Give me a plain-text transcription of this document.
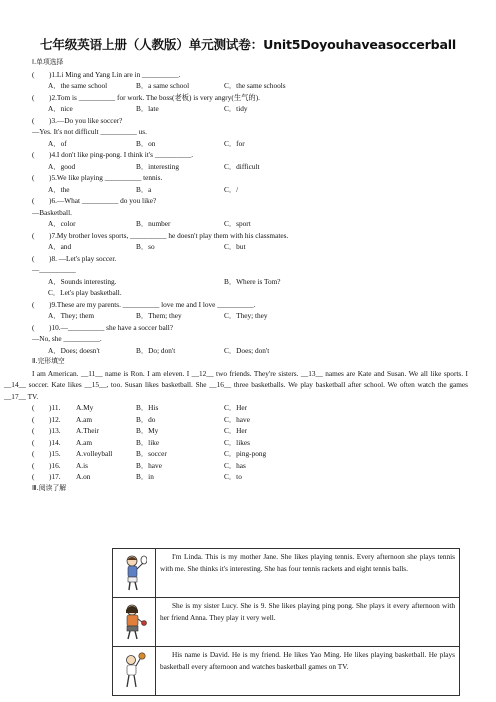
七年级英语上册（人教版）单元测试卷：Unit5Doyouhaveasoccerball
Ⅰ.单项选择
(　　)1.Li Ming and Yang Lin are in __________.
A．the same school	B．a same school	C．the same schools
(　　)2.Tom is __________ for work. The boss(老板) is very angry(生气的).
A．nice	B．late	C．tidy
(　　)3.—Do you like soccer?
—Yes. It's not difficult __________ us.
A．of	B．on	C．for
(　　)4.I don't like ping-pong. I think it's __________.
A．good	B．interesting	C．difficult
(　　)5.We like playing __________ tennis.
A．the	B．a	C．/
(　　)6.—What __________ do you like?
—Basketball.
A．color	B．number	C．sport
(　　)7.My brother loves sports, __________ he doesn't play them with his classmates.
A．and	B．so	C．but
(　　)8. —Let's play soccer.
—__________
A．Sounds interesting.	B．Where is Tom?
C．Let's play basketball.
(　　)9.These are my parents. __________ love me and I love __________.
A．They; them	B．Them; they	C．They; they
(　　)10.—__________ she have a soccer ball?
—No, she __________.
A．Does; doesn't	B．Do; don't	C．Does; don't
Ⅱ.完形填空
I am American. __11__ name is Ron. I am eleven. I __12__ two friends. They're sisters. __13__ names are Kate and Susan. We all like sports. I __14__ soccer. Kate likes __15__, too. Susan likes basketball. She __16__ three basketballs. We play basketball after school. We often watch the games __17__ TV.
(　　)11. A.My	B．His	C．Her
(　　)12. A.am	B．do	C．have
(　　)13. A.Their	B．My	C．Her
(　　)14. A.am	B．like	C．likes
(　　)15. A.volleyball	B．soccer	C．ping-pong
(　　)16. A.is	B．have	C．has
(　　)17. A.on	B．in	C．to
Ⅲ.阅读了解
	I'm Linda. This is my mother Jane. She likes playing tennis. Every afternoon she plays tennis with me. She thinks it's interesting. She has four tennis rackets and eight tennis balls.

	She is my sister Lucy. She is 9. She likes playing ping pong. She plays it every afternoon with her friend Anna. They play it very well.

	His name is David. He is my friend. He likes Yao Ming. He likes playing basketball. He plays basketball every afternoon and watches basketball games on TV.
